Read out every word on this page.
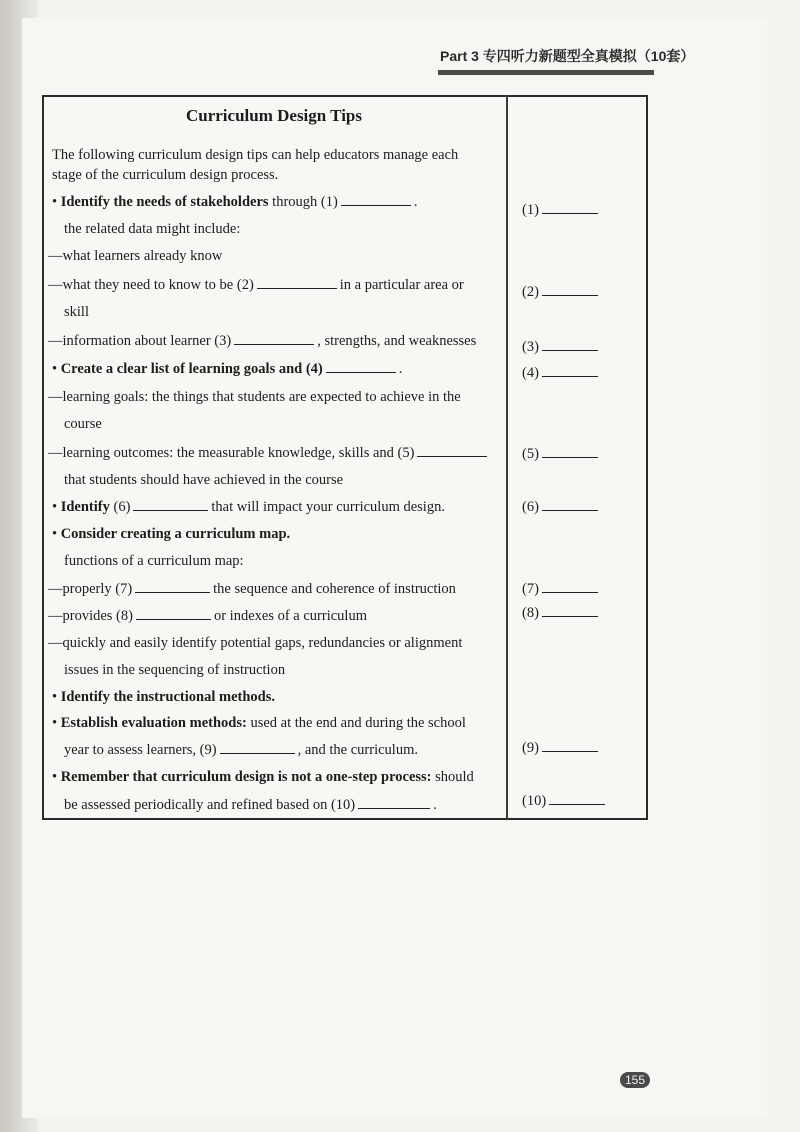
Part 3 专四听力新题型全真模拟（10套）
Curriculum Design Tips
The following curriculum design tips can help educators manage each
stage of the curriculum design process.
• Identify the needs of stakeholders through (1)	.
the related data might include:
—what learners already know
—what they need to know to be (2)	in a particular area or
skill
—information about learner (3)	, strengths, and weaknesses
• Create a clear list of learning goals and (4)	.
—learning goals: the things that students are expected to achieve in the
course
—learning outcomes: the measurable knowledge, skills and (5)
that students should have achieved in the course
• Identify (6)	that will impact your curriculum design.
• Consider creating a curriculum map.
functions of a curriculum map:
—properly (7)	the sequence and coherence of instruction
—provides (8)	or indexes of a curriculum
—quickly and easily identify potential gaps, redundancies or alignment
issues in the sequencing of instruction
• Identify the instructional methods.
• Establish evaluation methods: used at the end and during the school
year to assess learners, (9)	, and the curriculum.
• Remember that curriculum design is not a one-step process: should
be assessed periodically and refined based on (10)	.
(1)
(2)
(3)
(4)
(5)
(6)
(7)
(8)
(9)
(10)
155
